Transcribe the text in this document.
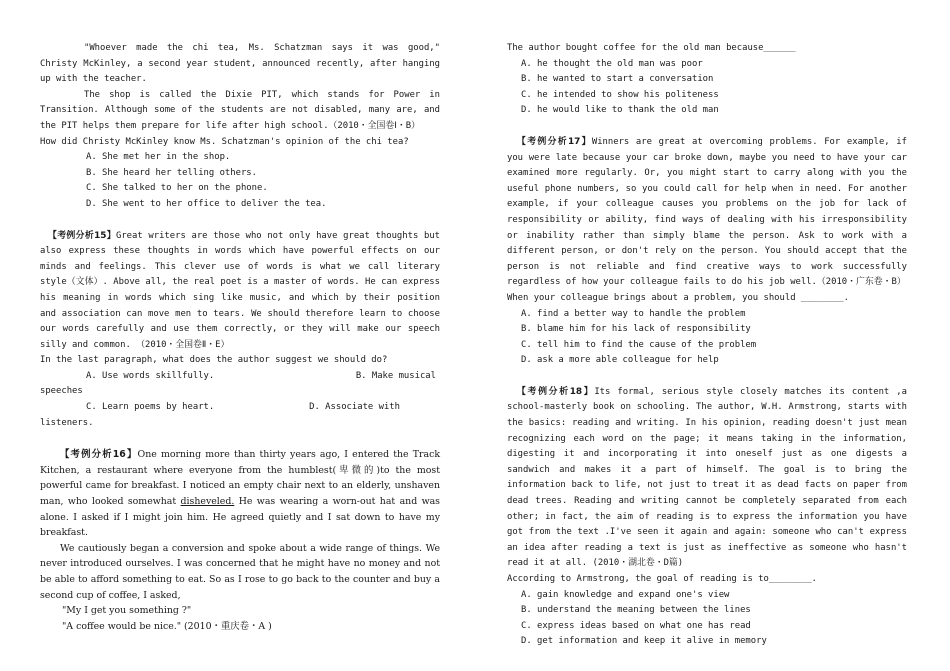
"Whoever made the chi tea, Ms. Schatzman says it was good," Christy McKinley, a second year student, announced recently, after hanging up with the teacher.

The shop is called the Dixie PIT, which stands for Power in Transition. Although some of the students are not disabled, many are, and the PIT helps them prepare for life after high school.（2010・全国卷Ⅰ・B）

How did Christy McKinley know Ms. Schatzman's opinion of the chi tea?

A. She met her in the shop.

B. She heard her telling others.

C. She talked to her on the phone.

D. She went to her office to deliver the tea.

【考例分析15】Great writers are those who not only have great thoughts but also express these thoughts in words which have powerful effects on our minds and feelings. This clever use of words is what we call literary style（文体）. Above all, the real poet is a master of words. He can express his meaning in words which sing like music, and which by their position and association can move men to tears. We should therefore learn to choose our words carefully and use them correctly, or they will make our speech silly and common. （2010・全国卷Ⅱ・E）

In the last paragraph, what does the author suggest we should do?

A. Use words skillfully.	B. Make musical

speeches

C. Learn poems by heart.	D. Associate with

listeners.

【考例分析16】One morning more than thirty years ago, I entered the Track Kitchen, a restaurant where everyone from the humblest(卑微的)to the most powerful came for breakfast. I noticed an empty chair next to an elderly, unshaven man, who looked somewhat disheveled. He was wearing a worn-out hat and was alone. I asked if I might join him. He agreed quietly and I sat down to have my breakfast.

We cautiously began a conversion and spoke about a wide range of things. We never introduced ourselves. I was concerned that he might have no money and not be able to afford something to eat. So as I rose to go back to the counter and buy a second cup of coffee, I asked,

"My I get you something ?"

"A coffee would be nice." (2010・重庆卷・A )

The author bought coffee for the old man because______

A. he thought the old man was poor

B. he wanted to start a conversation

C. he intended to show his politeness

D. he would like to thank the old man

【考例分析17】Winners are great at overcoming problems. For example, if you were late because your car broke down, maybe you need to have your car examined more regularly. Or, you might start to carry along with you the useful phone numbers, so you could call for help when in need. For another example, if your colleague causes you problems on the job for lack of responsibility or ability, find ways of dealing with his irresponsibility or inability rather than simply blame the person. Ask to work with a different person, or don't rely on the person. You should accept that the person is not reliable and find creative ways to work successfully regardless of how your colleague fails to do his job well.（2010・广东卷・B）

When your colleague brings about a problem, you should ________.

A. find a better way to handle the problem

B. blame him for his lack of responsibility

C. tell him to find the cause of the problem

D. ask a more able colleague for help

【考例分析18】Its formal, serious style closely matches its content ,a school-masterly book on schooling. The author, W.H. Armstrong, starts with the basics: reading and writing. In his opinion, reading doesn't just mean recognizing each word on the page; it means taking in the information, digesting it and incorporating it into oneself just as one digests a sandwich and makes it a part of himself. The goal is to bring the information back to life, not just to treat it as dead facts on paper from dead trees. Reading and writing cannot be completely separated from each other; in fact, the aim of reading is to express the information you have got from the text .I've seen it again and again: someone who can't express an idea after reading a text is just as ineffective as someone who hasn't read it at all. (2010・湖北卷・D篇)

According to Armstrong, the goal of reading is to________.

A. gain knowledge and expand one's view

B. understand the meaning between the lines

C. express ideas based on what one has read

D. get information and keep it alive in memory
